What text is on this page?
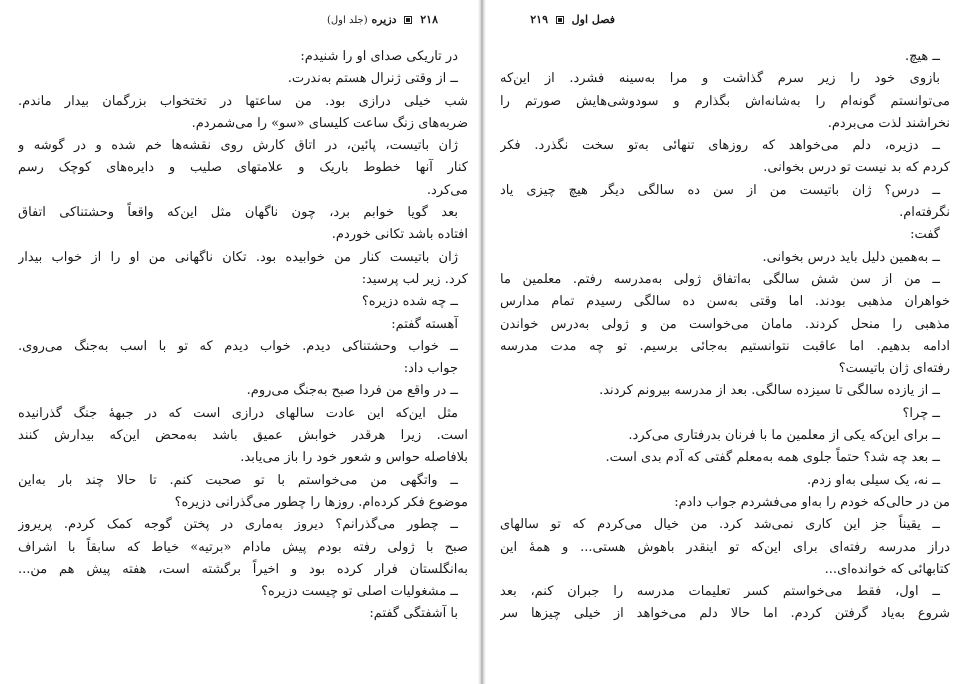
۲۱۸  دزیره (جلد اول)
در تاریکی صدای او را شنیدم:
ــ از وقتی ژنرال هستم به‌ندرت.
شب خیلی درازی بود. من ساعتها در تختخواب بزرگمان بیدار ماندم.
ضربه‌های زنگ ساعت کلیسای «سو» را می‌شمردم.
ژان باتیست، پائین، در اتاق کارش روی نقشه‌ها خم شده و در گوشه و
کنار آنها خطوط باریک و علامتهای صلیب و دایره‌های کوچک رسم
می‌کرد.
بعد گویا خوابم برد، چون ناگهان مثل این‌که واقعاً وحشتناکی اتفاق
افتاده باشد تکانی خوردم.
ژان باتیست کنار من خوابیده بود. تکان ناگهانی من او را از خواب بیدار
کرد. زیر لب پرسید:
ــ چه شده دزیره؟
آهسته گفتم:
ــ خواب وحشتناکی دیدم. خواب دیدم که تو با اسب به‌جنگ می‌روی.
جواب داد:
ــ در واقع من فردا صبح به‌جنگ می‌روم.
مثل این‌که این عادت سالهای درازی است که در جبههٔ جنگ گذرانیده
است. زیرا هرقدر خوابش عمیق باشد به‌محض این‌که بیدارش کنند
بلافاصله حواس و شعور خود را باز می‌یابد.
ــ واتگهی من می‌خواستم با تو صحبت کنم. تا حالا چند بار به‌این
موضوع فکر کرده‌ام. روزها را چطور می‌گذرانی دزیره؟
ــ چطور می‌گذرانم؟ دیروز به‌ماری در پختن گوجه کمک کردم. پریروز
صبح با ژولی رفته بودم پیش مادام «برتیه» خیاط که سابقاً با اشراف
به‌انگلستان فرار کرده بود و اخیراً برگشته است، هفته پیش هم من...
ــ مشغولیات اصلی تو چیست دزیره؟
با آشفتگی گفتم:
فصل اول  ۲۱۹
ــ هیچ.
بازوی خود را زیر سرم گذاشت و مرا به‌سینه فشرد. از این‌که
می‌توانستم گونه‌ام را به‌شانه‌اش بگذارم و سودوشی‌هایش صورتم را
نخراشند لذت می‌بردم.
ــ دزیره، دلم می‌خواهد که روزهای تنهائی به‌تو سخت نگذرد. فکر
کردم که بد نیست تو درس بخوانی.
ــ درس؟ ژان باتیست من از سن ده سالگی دیگر هیچ چیزی یاد
نگرفته‌ام.
گفت:
ــ به‌همین دلیل باید درس بخوانی.
ــ من از سن شش سالگی به‌اتفاق ژولی به‌مدرسه رفتم. معلمین ما
خواهران مذهبی بودند. اما وقتی به‌سن ده سالگی رسیدم تمام مدارس
مذهبی را منحل کردند. مامان می‌خواست من و ژولی به‌درس خواندن
ادامه بدهیم. اما عاقبت نتوانستیم به‌جائی برسیم. تو چه مدت مدرسه
رفته‌ای ژان باتیست؟
ــ از یازده سالگی تا سیزده سالگی. بعد از مدرسه بیرونم کردند.
ــ چرا؟
ــ برای این‌که یکی از معلمین ما با فرنان بدرفتاری می‌کرد.
ــ بعد چه شد؟ حتماً جلوی همه به‌معلم گفتی که آدم بدی است.
ــ نه، یک سیلی به‌او زدم.
من در حالی‌که خودم را به‌او می‌فشردم جواب دادم:
ــ یقیناً جز این کاری نمی‌شد کرد. من خیال می‌کردم که تو سالهای
دراز مدرسه رفته‌ای برای این‌که تو اینقدر باهوش هستی... و همهٔ این
کتابهائی که خوانده‌ای...
ــ اول، فقط می‌خواستم کسر تعلیمات مدرسه را جبران کنم، بعد
شروع به‌یاد گرفتن کردم. اما حالا دلم می‌خواهد از خیلی چیزها سر
